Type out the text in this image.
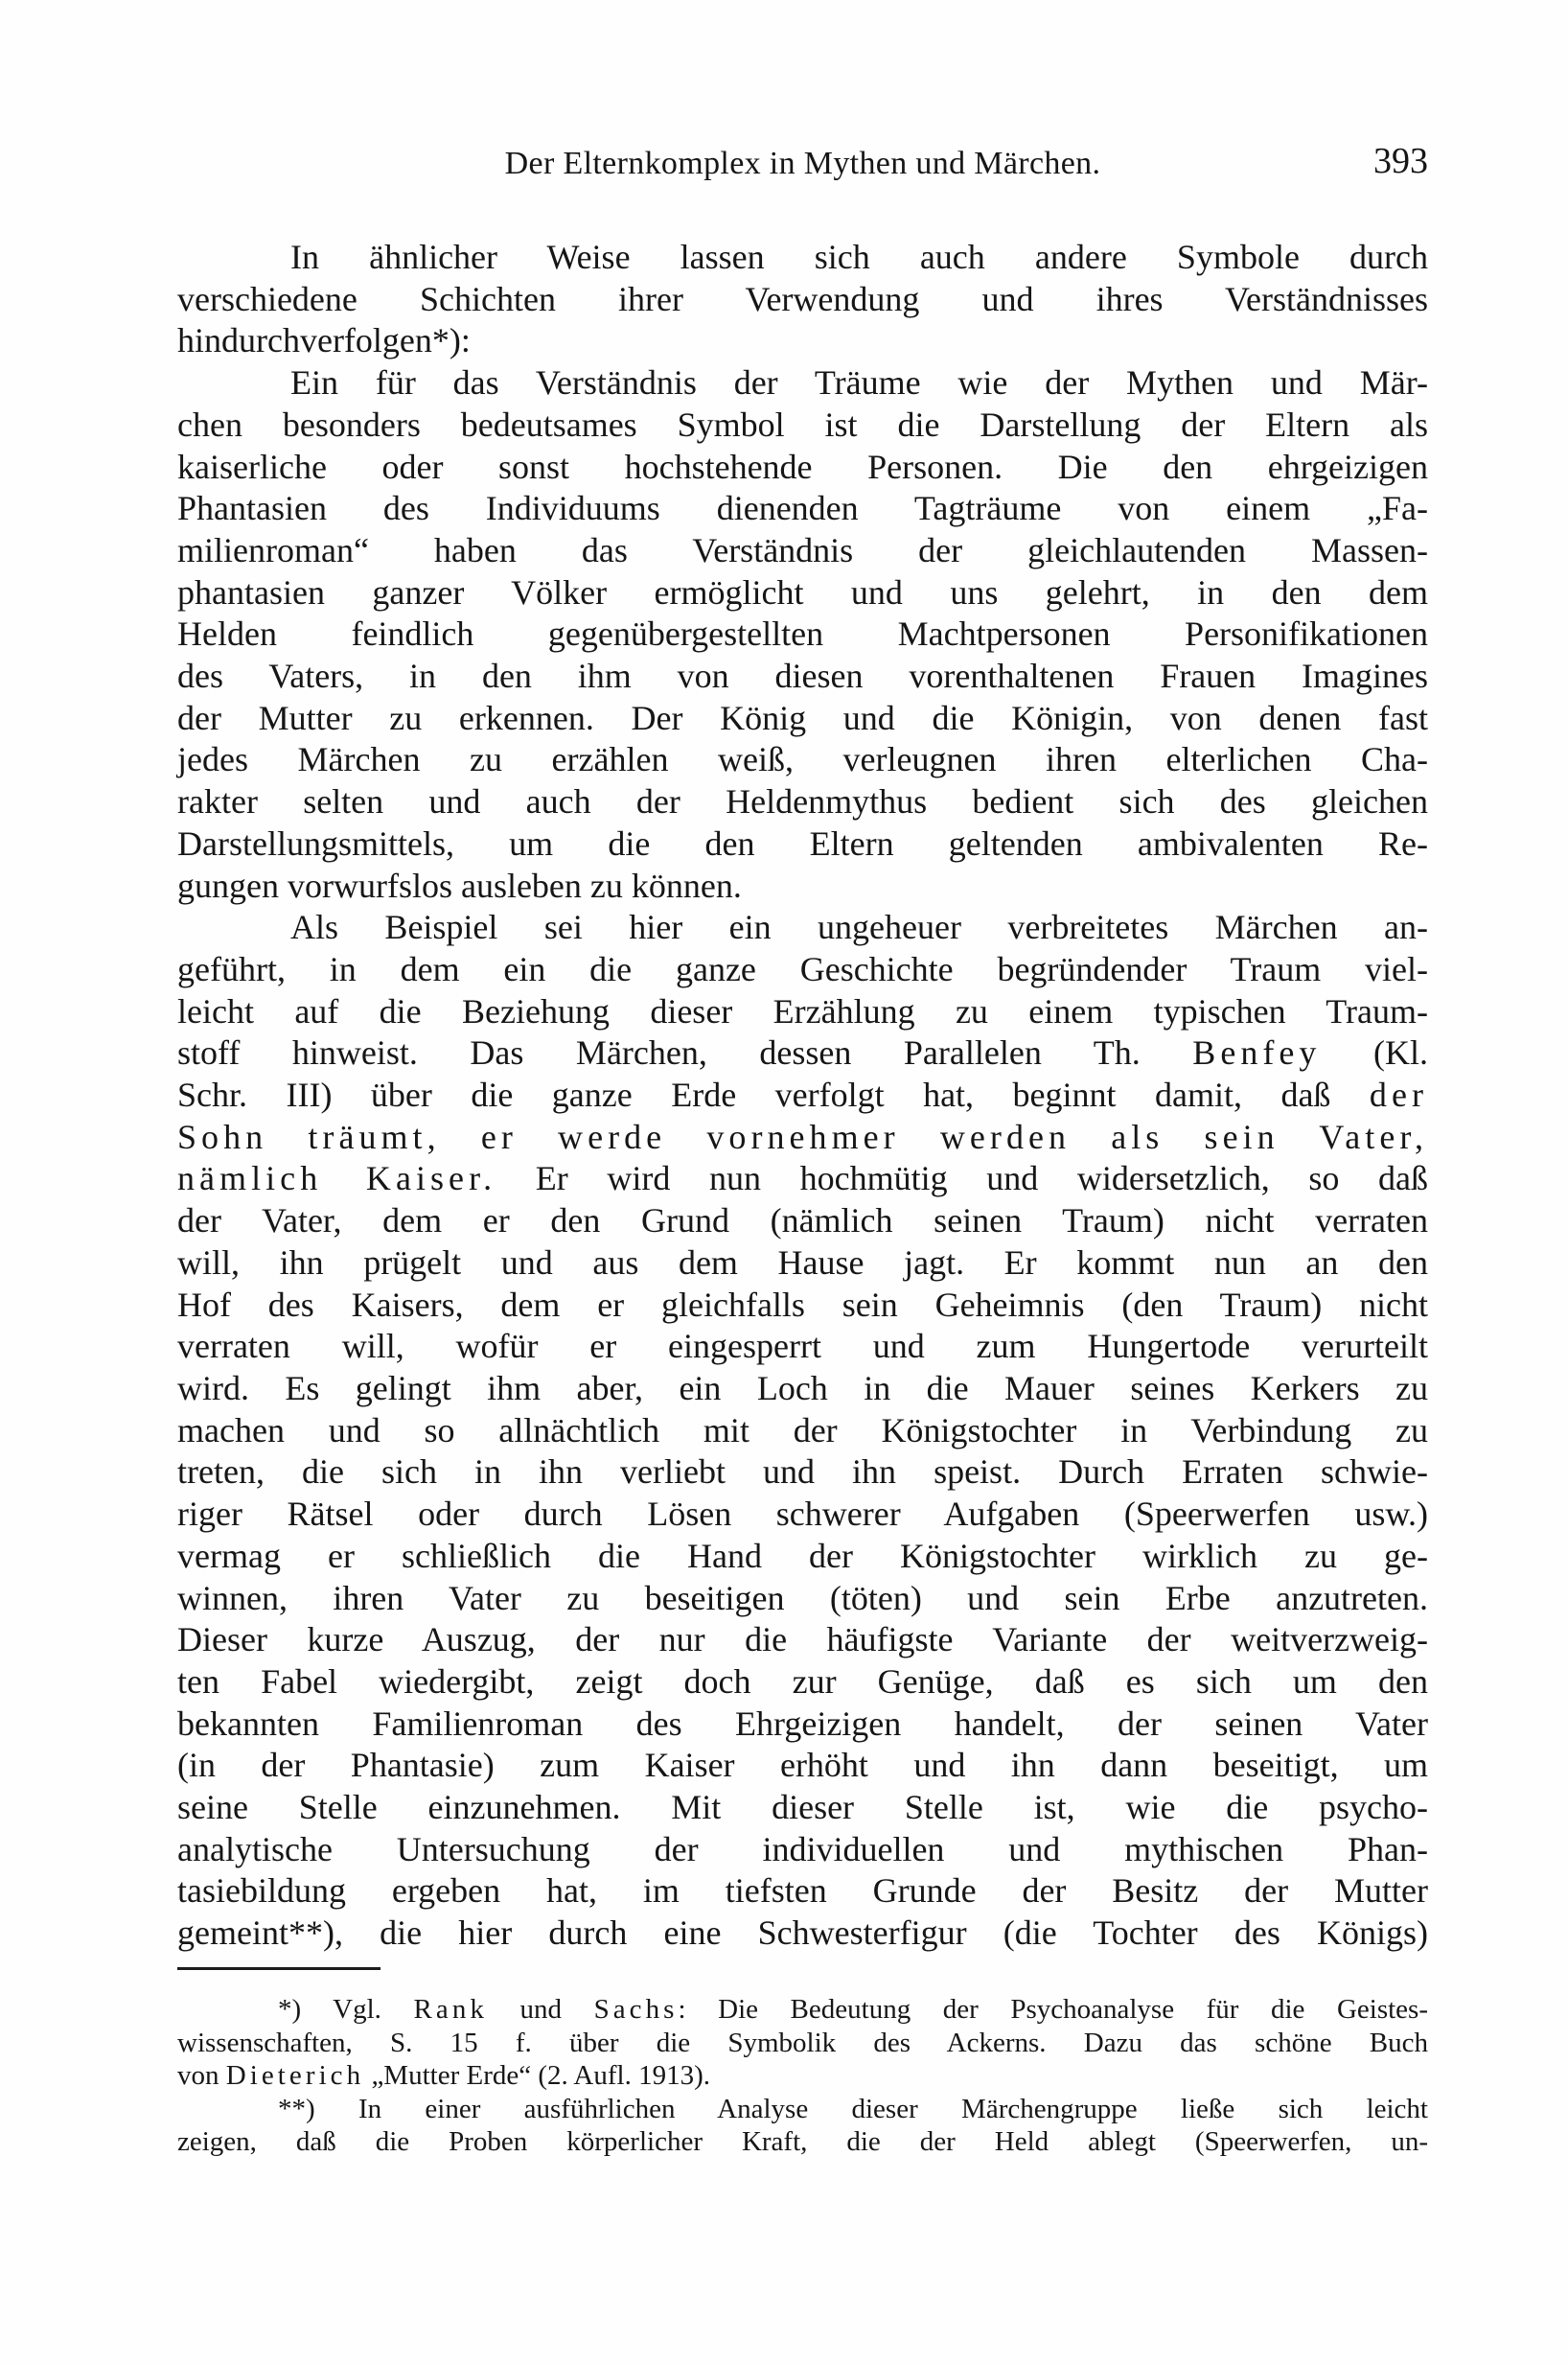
Der Elternkomplex in Mythen und Märchen.	393
In ähnlicher Weise lassen sich auch andere Symbole durch
verschiedene Schichten ihrer Verwendung und ihres Verständnisses
hindurchverfolgen*):
Ein für das Verständnis der Träume wie der Mythen und Mär-
chen besonders bedeutsames Symbol ist die Darstellung der Eltern als
kaiserliche oder sonst hochstehende Personen. Die den ehrgeizigen
Phantasien des Individuums dienenden Tagträume von einem „Fa-
milienroman“ haben das Verständnis der gleichlautenden Massen-
phantasien ganzer Völker ermöglicht und uns gelehrt, in den dem
Helden feindlich gegenübergestellten Machtpersonen Personifikationen
des Vaters, in den ihm von diesen vorenthaltenen Frauen Imagines
der Mutter zu erkennen. Der König und die Königin, von denen fast
jedes Märchen zu erzählen weiß, verleugnen ihren elterlichen Cha-
rakter selten und auch der Heldenmythus bedient sich des gleichen
Darstellungsmittels, um die den Eltern geltenden ambivalenten Re-
gungen vorwurfslos ausleben zu können.
Als Beispiel sei hier ein ungeheuer verbreitetes Märchen an-
geführt, in dem ein die ganze Geschichte begründender Traum viel-
leicht auf die Beziehung dieser Erzählung zu einem typischen Traum-
stoff hinweist. Das Märchen, dessen Parallelen Th. Benfey (Kl.
Schr. III) über die ganze Erde verfolgt hat, beginnt damit, daß der
Sohn träumt, er werde vornehmer werden als sein Vater,
nämlich Kaiser. Er wird nun hochmütig und widersetzlich, so daß
der Vater, dem er den Grund (nämlich seinen Traum) nicht verraten
will, ihn prügelt und aus dem Hause jagt. Er kommt nun an den
Hof des Kaisers, dem er gleichfalls sein Geheimnis (den Traum) nicht
verraten will, wofür er eingesperrt und zum Hungertode verurteilt
wird. Es gelingt ihm aber, ein Loch in die Mauer seines Kerkers zu
machen und so allnächtlich mit der Königstochter in Verbindung zu
treten, die sich in ihn verliebt und ihn speist. Durch Erraten schwie-
riger Rätsel oder durch Lösen schwerer Aufgaben (Speerwerfen usw.)
vermag er schließlich die Hand der Königstochter wirklich zu ge-
winnen, ihren Vater zu beseitigen (töten) und sein Erbe anzutreten.
Dieser kurze Auszug, der nur die häufigste Variante der weitverzweig-
ten Fabel wiedergibt, zeigt doch zur Genüge, daß es sich um den
bekannten Familienroman des Ehrgeizigen handelt, der seinen Vater
(in der Phantasie) zum Kaiser erhöht und ihn dann beseitigt, um
seine Stelle einzunehmen. Mit dieser Stelle ist, wie die psycho-
analytische Untersuchung der individuellen und mythischen Phan-
tasiebildung ergeben hat, im tiefsten Grunde der Besitz der Mutter
gemeint**), die hier durch eine Schwesterfigur (die Tochter des Königs)
*) Vgl. Rank und Sachs: Die Bedeutung der Psychoanalyse für die Geistes-
wissenschaften, S. 15 f. über die Symbolik des Ackerns. Dazu das schöne Buch
von Dieterich „Mutter Erde“ (2. Aufl. 1913).
**) In einer ausführlichen Analyse dieser Märchengruppe ließe sich leicht
zeigen, daß die Proben körperlicher Kraft, die der Held ablegt (Speerwerfen, un-
